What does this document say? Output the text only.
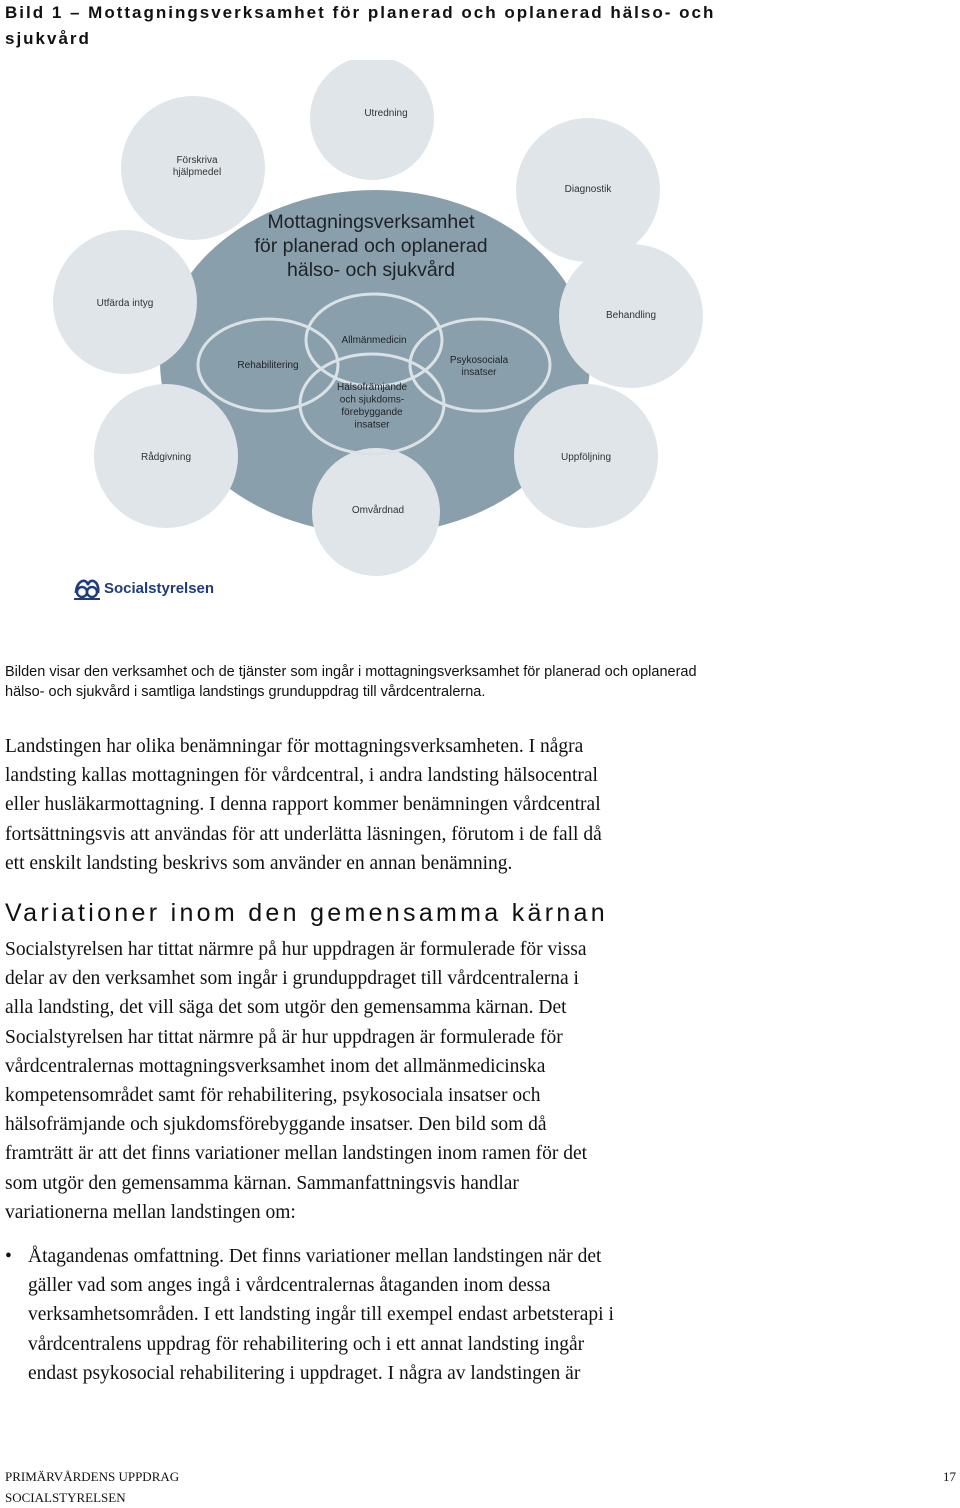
Bild 1 – Mottagningsverksamhet för planerad och oplanerad hälso- och
sjukvård
Mottagningsverksamhet för planerad och oplanerad hälso- och sjukvård
Utredning
Förskriva hjälpmedel
Diagnostik
Utfärda intyg
Behandling
Rådgivning	Uppföljning
Omvårdnad
Allmänmedicin
Rehabilitering	Psykosociala insatser
Hälsofrämjande och sjukdoms-förebyggande insatser
Socialstyrelsen
Bilden visar den verksamhet och de tjänster som ingår i mottagningsverksamhet för planerad och oplanerad
hälso- och sjukvård i samtliga landstings grunduppdrag till vårdcentralerna.
Landstingen har olika benämningar för mottagningsverksamheten. I några
landsting kallas mottagningen för vårdcentral, i andra landsting hälsocentral
eller husläkarmottagning. I denna rapport kommer benämningen vårdcentral
fortsättningsvis att användas för att underlätta läsningen, förutom i de fall då
ett enskilt landsting beskrivs som använder en annan benämning.
Variationer inom den gemensamma kärnan
Socialstyrelsen har tittat närmre på hur uppdragen är formulerade för vissa
delar av den verksamhet som ingår i grunduppdraget till vårdcentralerna i
alla landsting, det vill säga det som utgör den gemensamma kärnan. Det
Socialstyrelsen har tittat närmre på är hur uppdragen är formulerade för
vårdcentralernas mottagningsverksamhet inom det allmänmedicinska
kompetensområdet samt för rehabilitering, psykosociala insatser och
hälsofrämjande och sjukdomsförebyggande insatser. Den bild som då
framträtt är att det finns variationer mellan landstingen inom ramen för det
som utgör den gemensamma kärnan. Sammanfattningsvis handlar
variationerna mellan landstingen om:
• Åtagandenas omfattning. Det finns variationer mellan landstingen när det
gäller vad som anges ingå i vårdcentralernas åtaganden inom dessa
verksamhetsområden. I ett landsting ingår till exempel endast arbetsterapi i
vårdcentralens uppdrag för rehabilitering och i ett annat landsting ingår
endast psykosocial rehabilitering i uppdraget. I några av landstingen är
PRIMÄRVÅRDENS UPPDRAG
SOCIALSTYRELSEN
17
